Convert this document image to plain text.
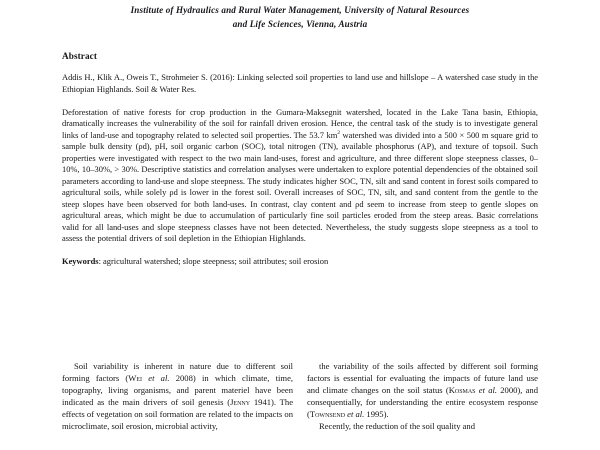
Institute of Hydraulics and Rural Water Management, University of Natural Resources
and Life Sciences, Vienna, Austria
Abstract

Addis H., Klik A., Oweis T., Strohmeier S. (2016): Linking selected soil properties to land use and hillslope – A watershed case study in the Ethiopian Highlands. Soil & Water Res.

Deforestation of native forests for crop production in the Gumara-Maksegnit watershed, located in the Lake Tana basin, Ethiopia, dramatically increases the vulnerability of the soil for rainfall driven erosion. Hence, the central task of the study is to investigate general links of land-use and topography related to selected soil properties. The 53.7 $km^2$ watershed was divided into a 500 × 500 m square grid to sample bulk density (ρd), pH, soil organic carbon (SOC), total nitrogen (TN), available phosphorus (AP), and texture of topsoil. Such properties were investigated with respect to the two main land-uses, forest and agriculture, and three different slope steepness classes, 0–10%, 10–30%, > 30%. Descriptive statistics and correlation analyses were undertaken to explore potential dependencies of the obtained soil parameters according to land-use and slope steepness. The study indicates higher SOC, TN, silt and sand content in forest soils compared to agricultural soils, while solely ρd is lower in the forest soil. Overall increases of SOC, TN, silt, and sand content from the gentle to the steep slopes have been observed for both land-uses. In contrast, clay content and ρd seem to increase from steep to gentle slopes on agricultural areas, which might be due to accumulation of particularly fine soil particles eroded from the steep areas. Basic correlations valid for all land-uses and slope steepness classes have not been detected. Nevertheless, the study suggests slope steepness as a tool to assess the potential drivers of soil depletion in the Ethiopian Highlands.

Keywords: agricultural watershed; slope steepness; soil attributes; soil erosion

Soil variability is inherent in nature due to different soil forming factors (Wei et al. 2008) in which climate, time, topography, living organisms, and parent materiel have been indicated as the main drivers of soil genesis (Jenny 1941). The effects of vegetation on soil formation are related to the impacts on microclimate, soil erosion, microbial activity,

the variability of the soils affected by different soil forming factors is essential for evaluating the impacts of future land use and climate changes on the soil status (Kosmas et al. 2000), and consequentially, for understanding the entire ecosystem response (Townsend et al. 1995).

Recently, the reduction of the soil quality and
